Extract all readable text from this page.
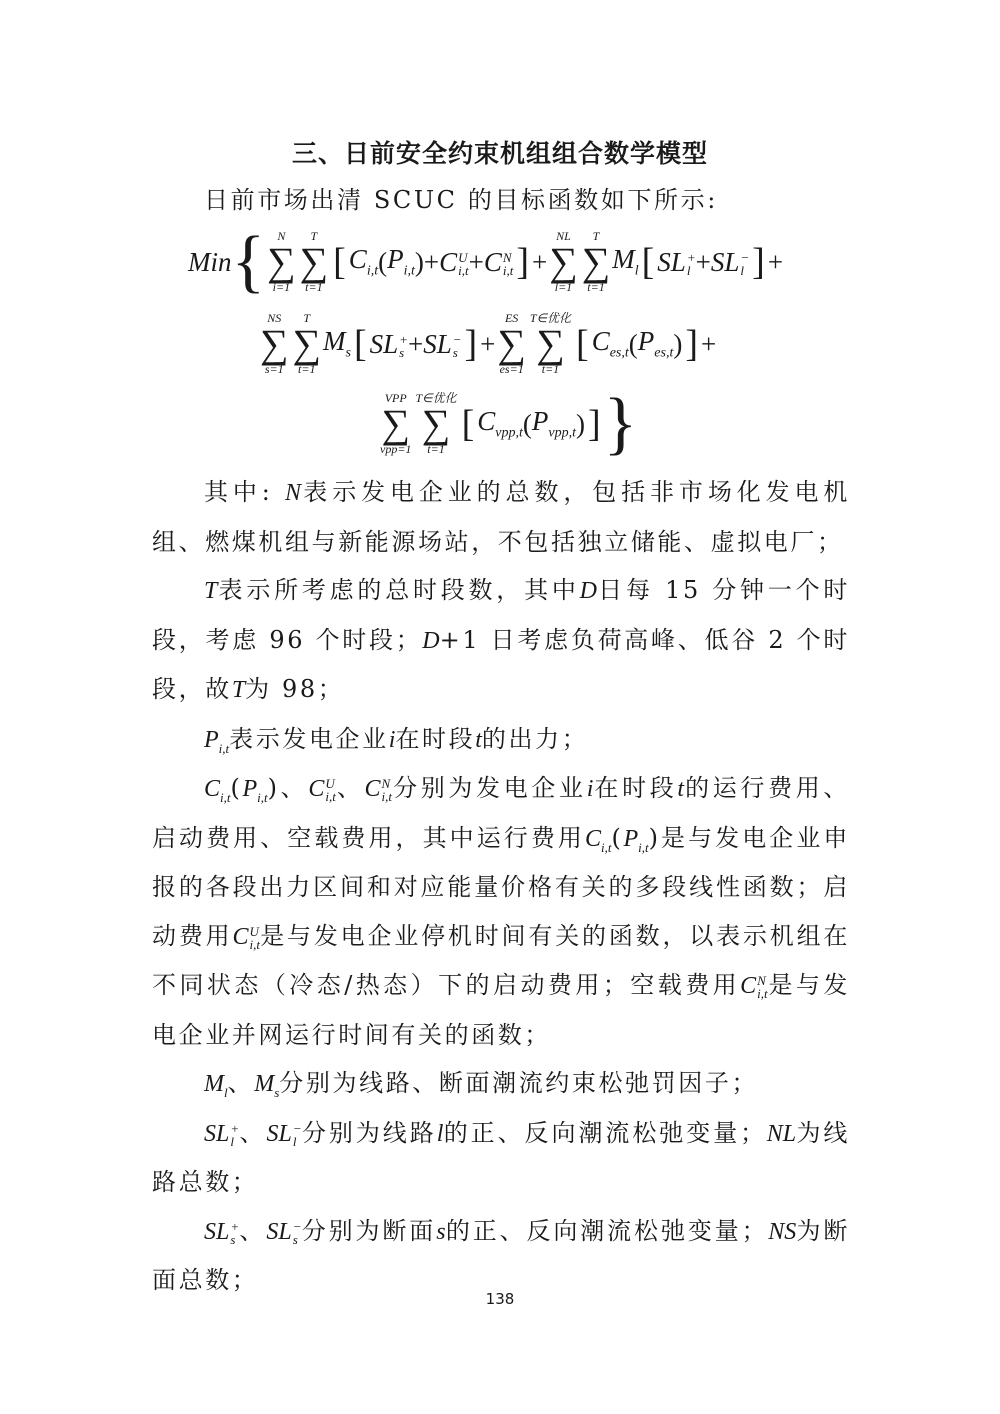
三、日前安全约束机组组合数学模型

日前市场出清 SCUC 的目标函数如下所示:

Min { N
∑
i=1
T
∑
t=1
[ $C_{i,t}$ ( $P_{i,t}$ )+ C U
i,t + C N
i,t ] +
NL
∑
l=1
T
∑
t=1
$M_l$ [ SL +
l + SL −
l ] +
NS
∑
s=1
T
∑
t=1
$M_s$ [ SL +
s + SL −
s ] +
ES
∑
es=1
T∈优化
∑
t=1
[ $C_{es,t}$ ( $P_{es,t}$ ) ] +
VPP
∑
vpp=1
T∈优化
∑
t=1
[ $C_{vpp,t}$ ( $P_{vpp,t}$ ) ] }

其中: N表示发电企业的总数，包括非市场化发电机组、燃煤机组与新能源场站，不包括独立储能、虚拟电厂；

T表示所考虑的总时段数，其中D日每 15 分钟一个时段，考虑 96 个时段；D+1 日考虑负荷高峰、低谷 2 个时段，故T为 98；

$P_{i,t}$表示发电企业i在时段t的出力；

$C_{i,t}(P_{i,t})$、C U
i,t 、C N
i,t 分别为发电企业i在时段t的运行费用、启动费用、空载费用，其中运行费用$C_{i,t}(P_{i,t})$是与发电企业申报的各段出力区间和对应能量价格有关的多段线性函数；启动费用C U
i,t 是与发电企业停机时间有关的函数，以表示机组在不同状态（冷态/热态）下的启动费用；空载费用C N
i,t 是与发电企业并网运行时间有关的函数；

$M_l$、$M_s$分别为线路、断面潮流约束松弛罚因子；

SL +
l 、SL −
l 分别为线路l的正、反向潮流松弛变量；NL为线路总数；

SL +
s 、SL −
s 分别为断面s的正、反向潮流松弛变量；NS为断面总数；

138
